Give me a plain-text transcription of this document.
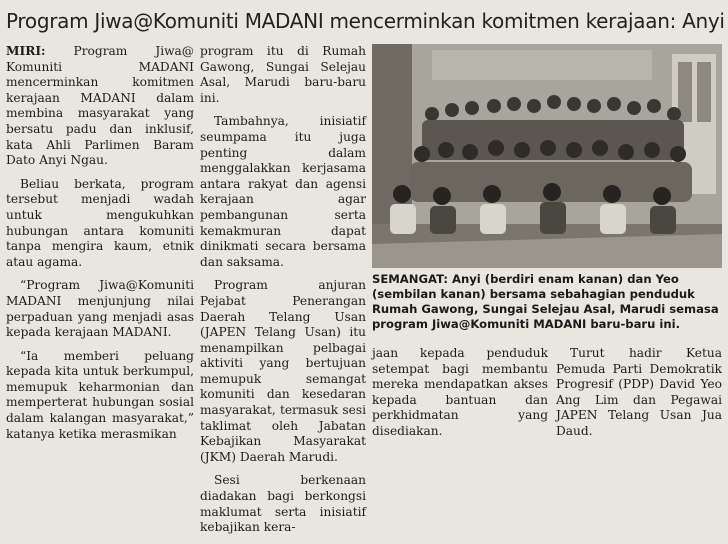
Program Jiwa@Komuniti MADANI mencerminkan komitmen kerajaan: Anyi

MIRI: Program Jiwa@ Komuniti MADANI mencerminkan komitmen kerajaan MADANI dalam membina masyarakat yang bersatu padu dan inklusif, kata Ahli Parlimen Baram Dato Anyi Ngau.

Beliau berkata, program tersebut menjadi wadah untuk mengukuhkan hubungan antara komuniti tanpa mengira kaum, etnik atau agama.

“Program Jiwa@Komuniti MADANI menjunjung nilai perpaduan yang menjadi asas kepada kerajaan MADANI.

“Ia memberi peluang kepada kita untuk berkumpul, memupuk keharmonian dan memperterat hubungan sosial dalam kalangan masyarakat,” katanya ketika merasmikan

program itu di Rumah Gawong, Sungai Selejau Asal, Marudi baru-baru ini.

Tambahnya, inisiatif seumpama itu juga penting dalam menggalakkan kerjasama antara rakyat dan agensi kerajaan agar pembangunan serta kemakmuran dapat dinikmati secara bersama dan saksama.

Program anjuran Pejabat Penerangan Daerah Telang Usan (JAPEN Telang Usan) itu menampilkan pelbagai aktiviti yang bertujuan memupuk semangat komuniti dan kesedaran masyarakat, termasuk sesi taklimat oleh Jabatan Kebajikan Masyarakat (JKM) Daerah Marudi.

Sesi berkenaan diadakan bagi berkongsi maklumat serta inisiatif kebajikan kera-

SEMANGAT: Anyi (berdiri enam kanan) dan Yeo (sembilan kanan) bersama sebahagian penduduk Rumah Gawong, Sungai Selejau Asal, Marudi semasa program Jiwa@Komuniti MADANI baru-baru ini.

jaan kepada penduduk setempat bagi membantu mereka mendapatkan akses kepada bantuan dan perkhidmatan yang disediakan.

Turut hadir Ketua Pemuda Parti Demokratik Progresif (PDP) David Yeo Ang Lim dan Pegawai JAPEN Telang Usan Jua Daud.
